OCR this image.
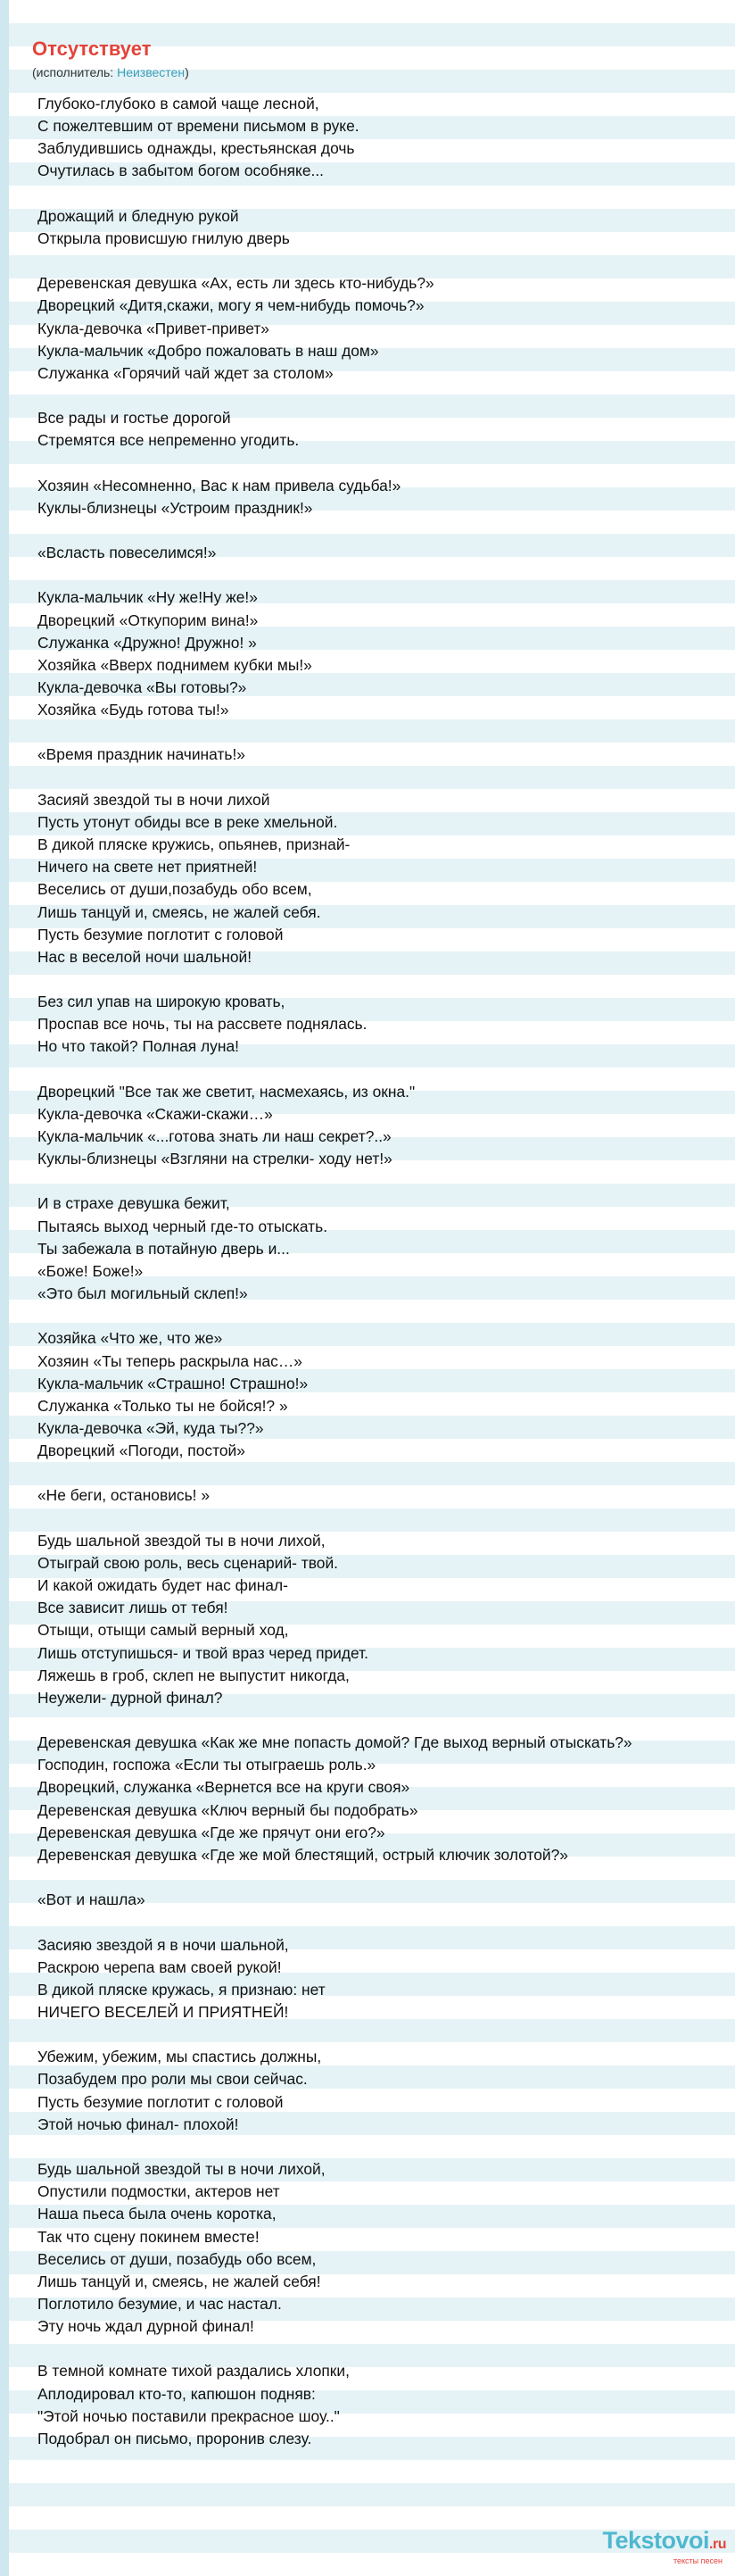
Отсутствует
(исполнитель: Неизвестен)
Глубоко-глубоко в самой чаще лесной,
С пожелтевшим от времени письмом в руке.
Заблудившись однажды, крестьянская дочь
Очутилась в забытом богом особняке...
Дрожащий и бледную рукой
Открыла провисшую гнилую дверь
Деревенская девушка «Ах, есть ли здесь кто-нибудь?»
Дворецкий «Дитя,скажи, могу я чем-нибудь помочь?»
Кукла-девочка «Привет-привет»
Кукла-мальчик «Добро пожаловать в наш дом»
Служанка «Горячий чай ждет за столом»
Все рады и гостье дорогой
Стремятся все непременно угодить.
Хозяин «Несомненно, Вас к нам привела судьба!»
Куклы-близнецы «Устроим праздник!»
«Всласть повеселимся!»
Кукла-мальчик «Ну же!Ну же!»
Дворецкий «Откупорим вина!»
Служанка «Дружно! Дружно! »
Хозяйка «Вверх поднимем кубки мы!»
Кукла-девочка «Вы готовы?»
Хозяйка «Будь готова ты!»
«Время праздник начинать!»
Засияй звездой ты в ночи лихой
Пусть утонут обиды все в реке хмельной.
В дикой пляске кружись, опьянев, признай-
Ничего на свете нет приятней!
Веселись от души,позабудь обо всем,
Лишь танцуй и, смеясь, не жалей себя.
Пусть безумие поглотит с головой
Нас в веселой ночи шальной!
Без сил упав на широкую кровать,
Проспав все ночь, ты на рассвете поднялась.
Но что такой? Полная луна!
Дворецкий "Все так же светит, насмехаясь, из окна."
Кукла-девочка «Скажи-скажи…»
Кукла-мальчик «...готова знать ли наш секрет?..»
Куклы-близнецы «Взгляни на стрелки- ходу нет!»
И в страхе девушка бежит,
Пытаясь выход черный где-то отыскать.
Ты забежала в потайную дверь и...
«Боже! Боже!»
«Это был могильный склеп!»
Хозяйка «Что же, что же»
Хозяин «Ты теперь раскрыла нас…»
Кукла-мальчик «Страшно! Страшно!»
Служанка «Только ты не бойся!? »
Кукла-девочка «Эй, куда ты??»
Дворецкий «Погоди, постой»
«Не беги, остановись! »
Будь шальной звездой ты в ночи лихой,
Отыграй свою роль, весь сценарий- твой.
И какой ожидать будет нас финал-
Все зависит лишь от тебя!
Отыщи, отыщи самый верный ход,
Лишь отступишься- и твой враз черед придет.
Ляжешь в гроб, склеп не выпустит никогда,
Неужели- дурной финал?
Деревенская девушка «Как же мне попасть домой? Где выход верный отыскать?»
Господин, госпожа «Если ты отыграешь роль.»
Дворецкий, служанка «Вернется все на круги своя»
Деревенская девушка «Ключ верный бы подобрать»
Деревенская девушка «Где же прячут они его?»
Деревенская девушка «Где же мой блестящий, острый ключик золотой?»
«Вот и нашла»
Засияю звездой я в ночи шальной,
Раскрою черепа вам своей рукой!
В дикой пляске кружась, я признаю: нет
НИЧЕГО ВЕСЕЛЕЙ И ПРИЯТНЕЙ!
Убежим, убежим, мы спастись должны,
Позабудем про роли мы свои сейчас.
Пусть безумие поглотит с головой
Этой ночью финал- плохой!
Будь шальной звездой ты в ночи лихой,
Опустили подмостки, актеров нет
Наша пьеса была очень коротка,
Так что сцену покинем вместе!
Веселись от души, позабудь обо всем,
Лишь танцуй и, смеясь, не жалей себя!
Поглотило безумие, и час настал.
Эту ночь ждал дурной финал!
В темной комнате тихой раздались хлопки,
Аплодировал кто-то, капюшон подняв:
"Этой ночью поставили прекрасное шоу.."
Подобрал он письмо, проронив слезу.
Tekstovoi.ru
тексты песен
